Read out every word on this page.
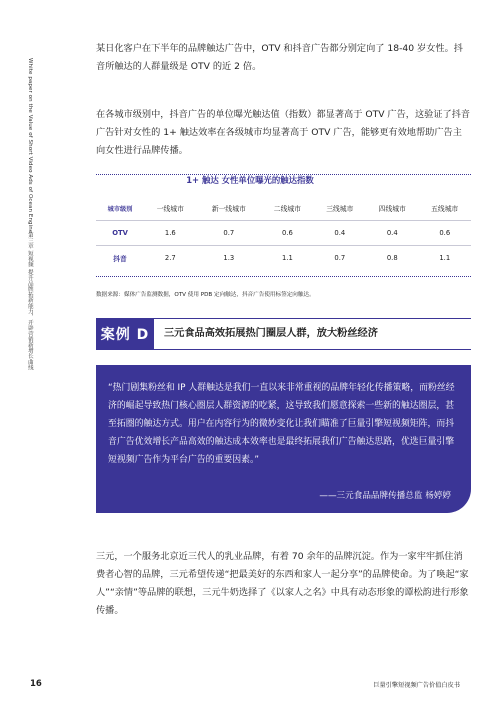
White paper on the Value of Short Video Ads of Ocean Engine
第三章 短视频 提升品牌拓新能力，开辟营销新增长曲线

某日化客户在下半年的品牌触达广告中，OTV 和抖音广告都分别定向了 18-40 岁女性。抖音所触达的人群量级是 OTV 的近 2 倍。

在各城市级别中，抖音广告的单位曝光触达值（指数）都显著高于 OTV 广告，这验证了抖音广告针对女性的 1+ 触达效率在各级城市均显著高于 OTV 广告，能够更有效地帮助广告主向女性进行品牌传播。

1+ 触达 女性单位曝光的触达指数
城市级别	一线城市	新一线城市	二线城市	三线城市	四线城市	五线城市
OTV	1.6	0.7	0.6	0.4	0.4	0.6
抖音	2.7	1.3	1.1	0.7	0.8	1.1
数据来源：媒体广告监测数据，OTV 使用 PDB 定向触达，抖音广告使用标签定向触达。
案例 D	三元食品高效拓展热门圈层人群，放大粉丝经济

“热门剧集粉丝和 IP 人群触达是我们一直以来非常重视的品牌年轻化传播策略，而粉丝经济的崛起导致热门核心圈层人群资源的吃紧，这导致我们愿意探索一些新的触达圈层，甚至拓圈的触达方式。用户在内容行为的微妙变化让我们瞄准了巨量引擎短视频矩阵，而抖音广告优效增长产品高效的触达成本效率也是最终拓展我们广告触达思路，优选巨量引擎短视频广告作为平台广告的重要因素。”

——三元食品品牌传播总监 杨婷婷

三元，一个服务北京近三代人的乳业品牌，有着 70 余年的品牌沉淀。作为一家牢牢抓住消费者心智的品牌，三元希望传递“把最美好的东西和家人一起分享”的品牌使命。为了唤起“家人”“亲情”等品牌的联想，三元牛奶选择了《以家人之名》中具有动态形象的谭松韵进行形象传播。

16	巨量引擎短视频广告价值白皮书
